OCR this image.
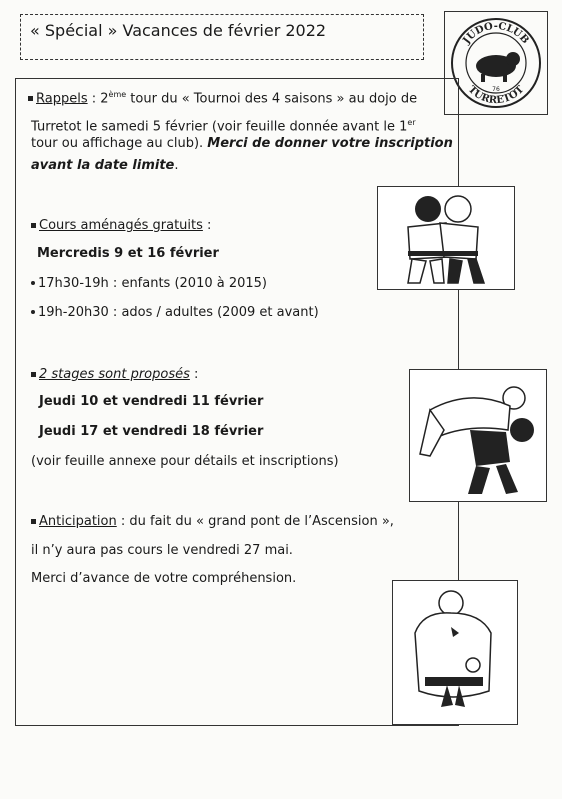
« Spécial » Vacances de février 2022
JUDO-CLUB
TURRETOT
76
Rappels : 2ème tour du « Tournoi des 4 saisons » au dojo de
Turretot le samedi 5 février (voir feuille donnée avant le 1er
tour ou affichage au club). Merci de donner votre inscription
avant la date limite.
Cours aménagés gratuits :
Mercredis 9 et 16 février
17h30-19h : enfants (2010 à 2015)
19h-20h30 : ados / adultes (2009 et avant)
2 stages sont proposés :
Jeudi 10 et vendredi 11 février
Jeudi 17 et vendredi 18 février
(voir feuille annexe pour détails et inscriptions)
Anticipation : du fait du « grand pont de l’Ascension »,
il n’y aura pas cours le vendredi 27 mai.
Merci d’avance de votre compréhension.
